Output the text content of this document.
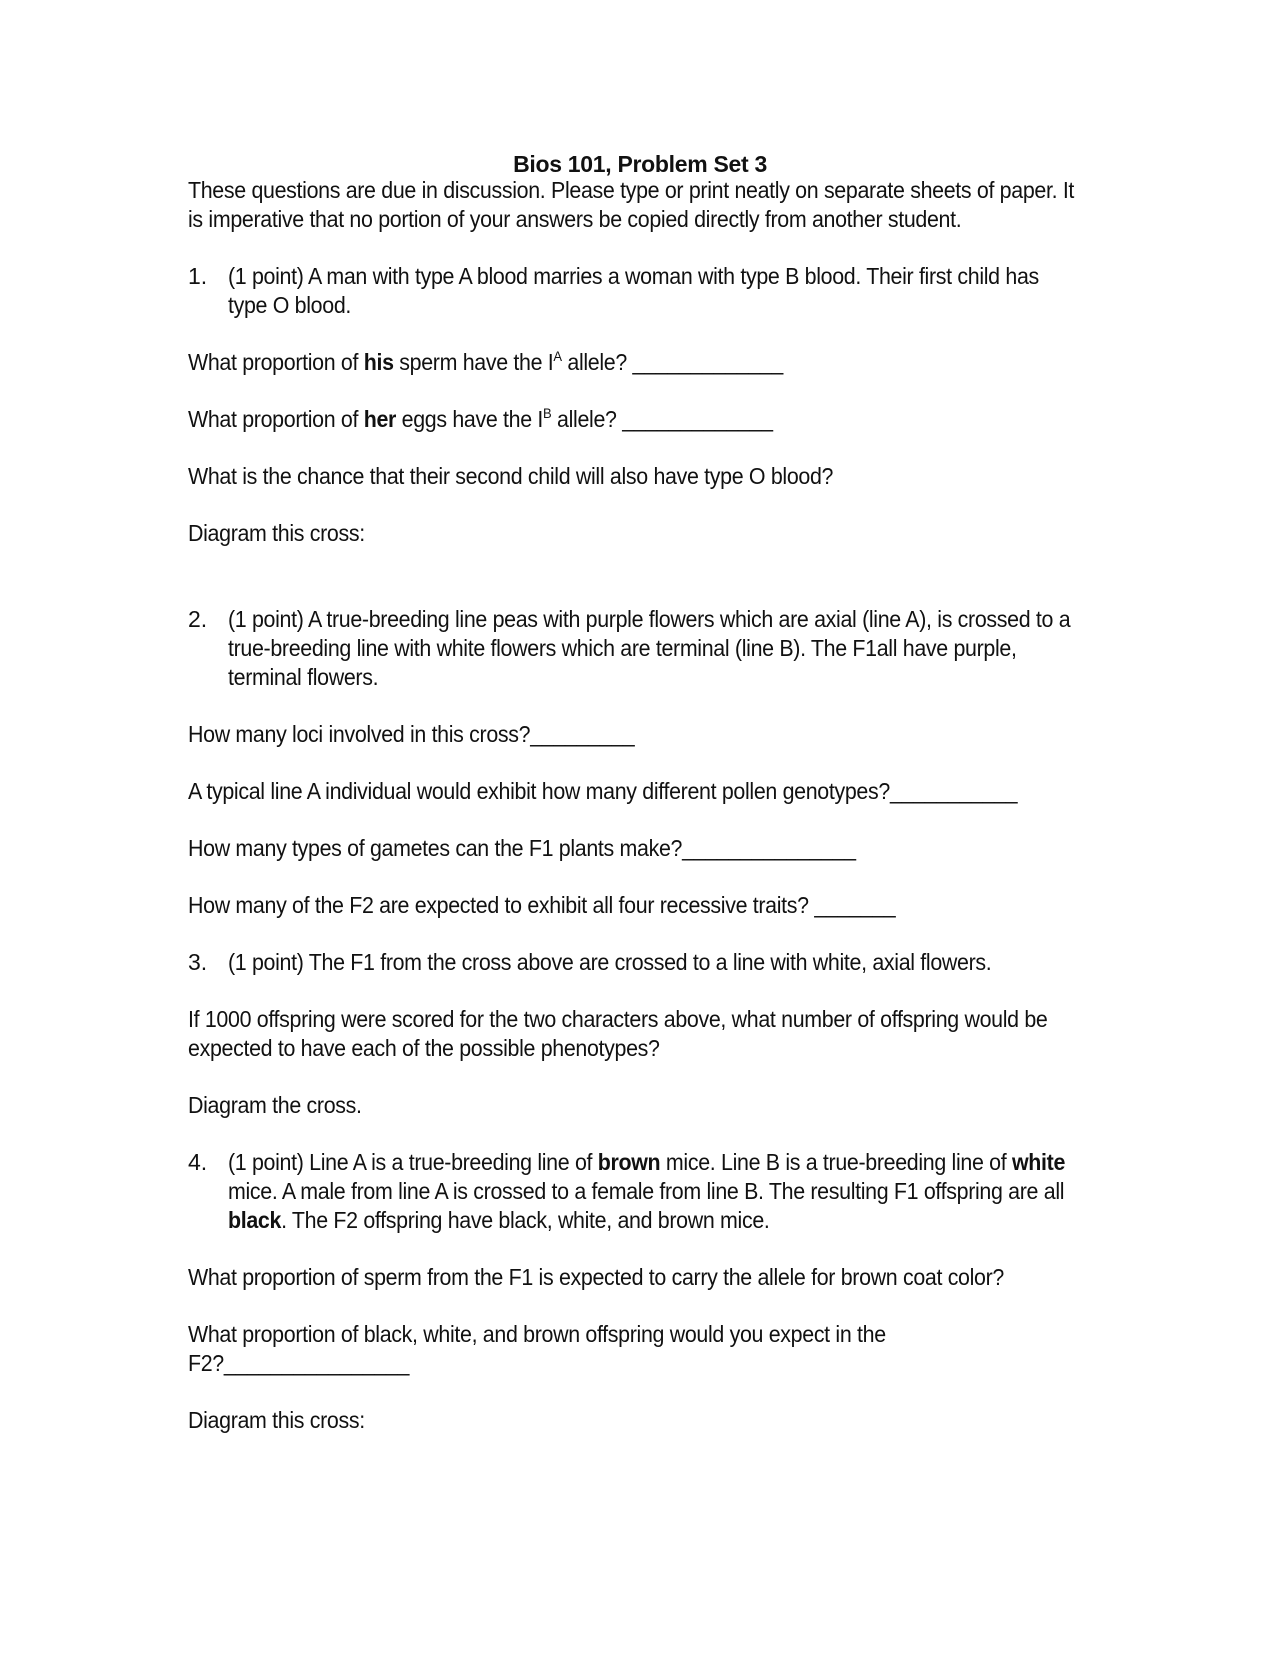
Bios 101, Problem Set 3
These questions are due in discussion. Please type or print neatly on separate sheets of paper. It
is imperative that no portion of your answers be copied directly from another student.
1. (1 point) A man with type A blood marries a woman with type B blood. Their first child has
type O blood.
What proportion of his sperm have the $I^A$ allele? _____________
What proportion of her eggs have the $I^B$ allele? _____________
What is the chance that their second child will also have type O blood?
Diagram this cross:
2. (1 point) A true-breeding line peas with purple flowers which are axial (line A), is crossed to a
true-breeding line with white flowers which are terminal (line B). The F1all have purple,
terminal flowers.
How many loci involved in this cross?_________
A typical line A individual would exhibit how many different pollen genotypes?___________
How many types of gametes can the F1 plants make?_______________
How many of the F2 are expected to exhibit all four recessive traits? _______
3. (1 point) The F1 from the cross above are crossed to a line with white, axial flowers.
If 1000 offspring were scored for the two characters above, what number of offspring would be
expected to have each of the possible phenotypes?
Diagram the cross.
4. (1 point) Line A is a true-breeding line of brown mice. Line B is a true-breeding line of white
mice. A male from line A is crossed to a female from line B. The resulting F1 offspring are all
black. The F2 offspring have black, white, and brown mice.
What proportion of sperm from the F1 is expected to carry the allele for brown coat color?
What proportion of black, white, and brown offspring would you expect in the
F2?________________
Diagram this cross:
